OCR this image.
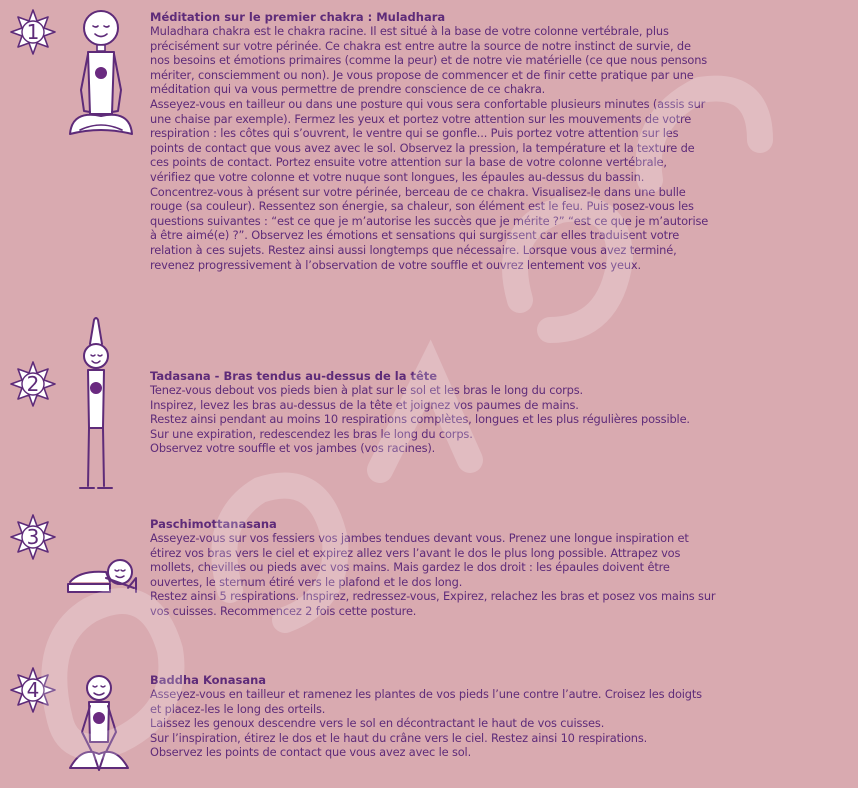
1
2
3
4
Méditation sur le premier chakra : Muladhara

Muladhara chakra est le chakra racine. Il est situé à la base de votre colonne vertébrale, plus

précisément sur votre périnée. Ce chakra est entre autre la source de notre instinct de survie, de

nos besoins et émotions primaires (comme la peur) et de notre vie matérielle (ce que nous pensons

mériter, consciemment ou non). Je vous propose de commencer et de finir cette pratique par une

méditation qui va vous permettre de prendre conscience de ce chakra.

Asseyez-vous en tailleur ou dans une posture qui vous sera confortable plusieurs minutes (assis sur

une chaise par exemple). Fermez les yeux et portez votre attention sur les mouvements de votre

respiration : les côtes qui s’ouvrent, le ventre qui se gonfle... Puis portez votre attention sur les

points de contact que vous avez avec le sol. Observez la pression, la température et la texture de

ces points de contact. Portez ensuite votre attention sur la base de votre colonne vertébrale,

vérifiez que votre colonne et votre nuque sont longues, les épaules au-dessus du bassin.

Concentrez-vous à présent sur votre périnée, berceau de ce chakra. Visualisez-le dans une bulle

rouge (sa couleur). Ressentez son énergie, sa chaleur, son élément est le feu. Puis posez-vous les

questions suivantes : “est ce que je m’autorise les succès que je mérite ?” “est ce que je m’autorise

à être aimé(e) ?”. Observez les émotions et sensations qui surgissent car elles traduisent votre

relation à ces sujets. Restez ainsi aussi longtemps que nécessaire. Lorsque vous avez terminé,

revenez progressivement à l’observation de votre souffle et ouvrez lentement vos yeux.

Tadasana - Bras tendus au-dessus de la tête

Tenez-vous debout vos pieds bien à plat sur le sol et les bras le long du corps.

Inspirez, levez les bras au-dessus de la tête et joignez vos paumes de mains.

Restez ainsi pendant au moins 10 respirations complètes, longues et les plus régulières possible.

Sur une expiration, redescendez les bras le long du corps.

Observez votre souffle et vos jambes (vos racines).

Paschimottanasana

Asseyez-vous sur vos fessiers vos jambes tendues devant vous. Prenez une longue inspiration et

étirez vos bras vers le ciel et expirez allez vers l’avant le dos le plus long possible. Attrapez vos

mollets, chevilles ou pieds avec vos mains. Mais gardez le dos droit : les épaules doivent être

ouvertes, le sternum étiré vers le plafond et le dos long.

Restez ainsi 5 respirations. Inspirez, redressez-vous, Expirez, relachez les bras et posez vos mains sur

vos cuisses. Recommencez 2 fois cette posture.

Baddha Konasana

Asseyez-vous en tailleur et ramenez les plantes de vos pieds l’une contre l’autre. Croisez les doigts

et placez-les le long des orteils.

Laissez les genoux descendre vers le sol en décontractant le haut de vos cuisses.

Sur l’inspiration, étirez le dos et le haut du crâne vers le ciel. Restez ainsi 10 respirations.

Observez les points de contact que vous avez avec le sol.
